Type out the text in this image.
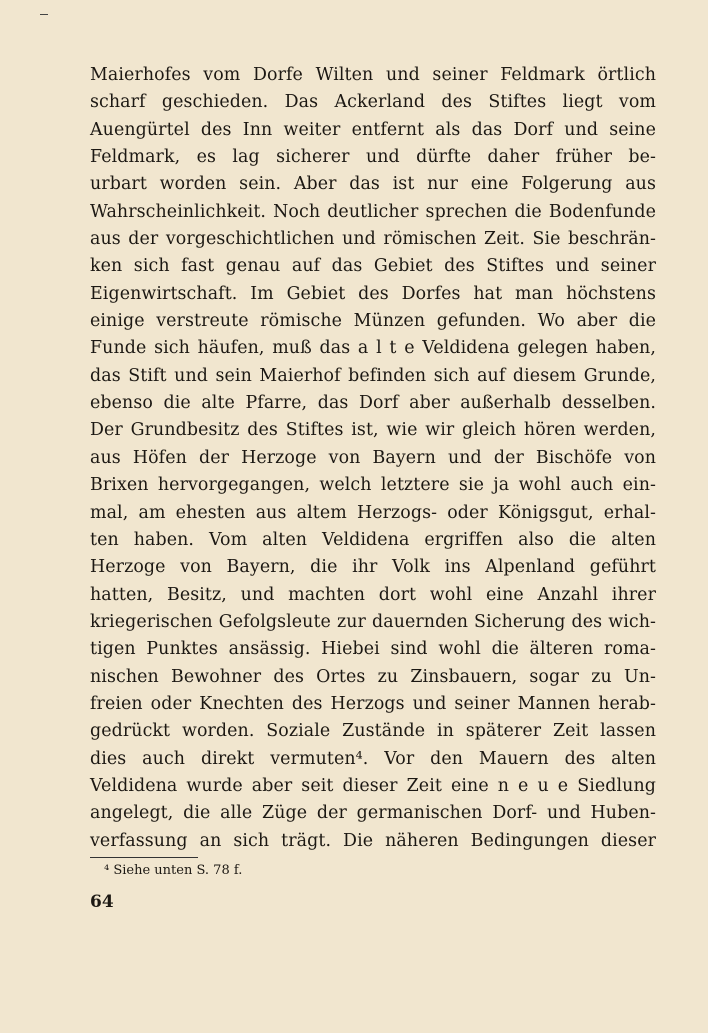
Maierhofes vom Dorfe Wilten und seiner Feldmark örtlich
scharf geschieden. Das Ackerland des Stiftes liegt vom
Auengürtel des Inn weiter entfernt als das Dorf und seine
Feldmark, es lag sicherer und dürfte daher früher be-
urbart worden sein. Aber das ist nur eine Folgerung aus
Wahrscheinlichkeit. Noch deutlicher sprechen die Bodenfunde
aus der vorgeschichtlichen und römischen Zeit. Sie beschrän-
ken sich fast genau auf das Gebiet des Stiftes und seiner
Eigenwirtschaft. Im Gebiet des Dorfes hat man höchstens
einige verstreute römische Münzen gefunden. Wo aber die
Funde sich häufen, muß das a l t e Veldidena gelegen haben,
das Stift und sein Maierhof befinden sich auf diesem Grunde,
ebenso die alte Pfarre, das Dorf aber außerhalb desselben.
Der Grundbesitz des Stiftes ist, wie wir gleich hören werden,
aus Höfen der Herzoge von Bayern und der Bischöfe von
Brixen hervorgegangen, welch letztere sie ja wohl auch ein-
mal, am ehesten aus altem Herzogs- oder Königsgut, erhal-
ten haben. Vom alten Veldidena ergriffen also die alten
Herzoge von Bayern, die ihr Volk ins Alpenland geführt
hatten, Besitz, und machten dort wohl eine Anzahl ihrer
kriegerischen Gefolgsleute zur dauernden Sicherung des wich-
tigen Punktes ansässig. Hiebei sind wohl die älteren roma-
nischen Bewohner des Ortes zu Zinsbauern, sogar zu Un-
freien oder Knechten des Herzogs und seiner Mannen herab-
gedrückt worden. Soziale Zustände in späterer Zeit lassen
dies auch direkt vermuten⁴. Vor den Mauern des alten
Veldidena wurde aber seit dieser Zeit eine n e u e Siedlung
angelegt, die alle Züge der germanischen Dorf- und Huben-
verfassung an sich trägt. Die näheren Bedingungen dieser
⁴ Siehe unten S. 78 f.
64
